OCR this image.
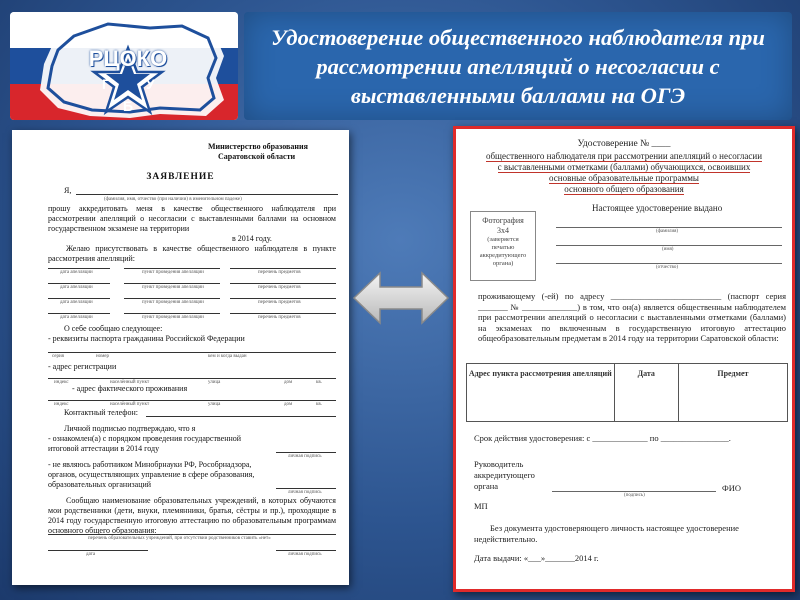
РЦОКО
Г	У
Б
Удостоверение общественного наблюдателя при рассмотрении апелляций о несогласии с выставленными баллами на ОГЭ
Министерство образования
Саратовской области
ЗАЯВЛЕНИЕ
Я,
(фамилия, имя, отчество (при наличии) в именительном падеже)
прошу аккредитовать меня в качестве общественного наблюдателя при рассмотрении апелляций о несогласии с выставленными баллами на основном государственном экзамене на территории
в 2014 году.
Желаю присутствовать в качестве общественного наблюдателя в пункте рассмотрения апелляций:
дата апелляции	пункт проведения апелляции	перечень предметов
дата апелляции	пункт проведения апелляции	перечень предметов
дата апелляции	пункт проведения апелляции	перечень предметов
дата апелляции	пункт проведения апелляции	перечень предметов
О себе сообщаю следующее:
- реквизиты паспорта гражданина Российской Федерации
серия	номер	кем и когда выдан
- адрес регистрации
индекс	населённый пункт	улица	дом	кв.
- адрес фактического проживания
индекс	населённый пункт	улица	дом	кв.
Контактный телефон:
Личной подписью подтверждаю, что я
- ознакомлен(а) с порядком проведения государственной
итоговой аттестации в 2014 году
личная подпись
- не являюсь работником Минобрнауки РФ, Рособрнадзора,
органов, осуществляющих управление в сфере образования,
образовательных организаций
личная подпись
Сообщаю наименование образовательных учреждений, в которых обучаются мои родственники (дети, внуки, племянники, братья, сёстры и пр.), проходящие в 2014 году государственную итоговую аттестацию по образовательным программам основного общего образования:
перечень образовательных учреждений, при отсутствии родственников ставить «нет»
дата	личная подпись
Удостоверение № ____
общественного наблюдателя при рассмотрении апелляций о несогласии
с выставленными отметками (баллами) обучающихся, освоивших
основные образовательные программы
основного общего образования
Настоящее удостоверение выдано
Фотография
3х4
(заверяется
печатью
аккредитующего
органа)
(фамилия)
(имя)
(отчество)
проживающему (-ей) по адресу __________________________ (паспорт серия _______ № _____________) в том, что он(а) является общественным наблюдателем при рассмотрении апелляций о несогласии с выставленными отметками (баллами) на экзаменах по включенным в государственную итоговую аттестацию общеобразовательным предметам в 2014 году на территории Саратовской области:
Адрес пункта рассмотрения апелляций	Дата	Предмет
Срок действия удостоверения: с _____________ по ________________.
Руководитель
аккредитующего
органа
(подпись)
ФИО
МП
Без документа удостоверяющего личность настоящее удостоверение недействительно.
Дата выдачи: «___»_______2014 г.
